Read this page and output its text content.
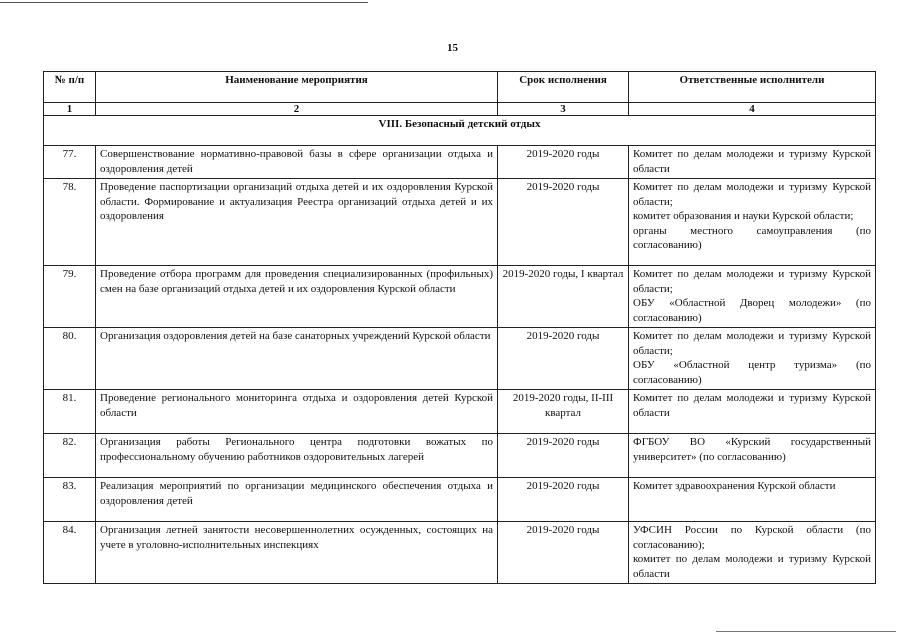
15
№ п/п	Наименование мероприятия	Срок исполнения	Ответственные исполнители
1	2	3	4
VIII. Безопасный детский отдых			
77.	Совершенствование нормативно-правовой базы в сфере организации отдыха и оздоровления детей	2019-2020 годы	Комитет по делам молодежи и туризму Курской области

78.	Проведение паспортизации организаций отдыха детей и их оздоровления Курской области. Формирование и актуализация Реестра организаций отдыха детей и их оздоровления	2019-2020 годы	Комитет по делам молодежи и туризму Курской области;
комитет образования и науки Курской области;
органы местного самоуправления (по согласованию)

79.	Проведение отбора программ для проведения специализированных (профильных) смен на базе организаций отдыха детей и их оздоровления Курской области	2019-2020 годы, I квартал	Комитет по делам молодежи и туризму Курской области;
ОБУ «Областной Дворец молодежи» (по согласованию)

80.	Организация оздоровления детей на базе санаторных учреждений Курской области	2019-2020 годы	Комитет по делам молодежи и туризму Курской области;
ОБУ «Областной центр туризма» (по согласованию)

81.	Проведение регионального мониторинга отдыха и оздоровления детей Курской области	2019-2020 годы, II-III квартал	Комитет по делам молодежи и туризму Курской области

82.	Организация работы Регионального центра подготовки вожатых по профессиональному обучению работников оздоровительных лагерей	2019-2020 годы	ФГБОУ ВО «Курский государственный университет» (по согласованию)

83.	Реализация мероприятий по организации медицинского обеспечения отдыха и оздоровления детей	2019-2020 годы	Комитет здравоохранения Курской области

84.	Организация летней занятости несовершеннолетних осужденных, состоящих на учете в уголовно-исполнительных инспекциях	2019-2020 годы	УФСИН России по Курской области (по согласованию);
комитет по делам молодежи и туризму Курской области
